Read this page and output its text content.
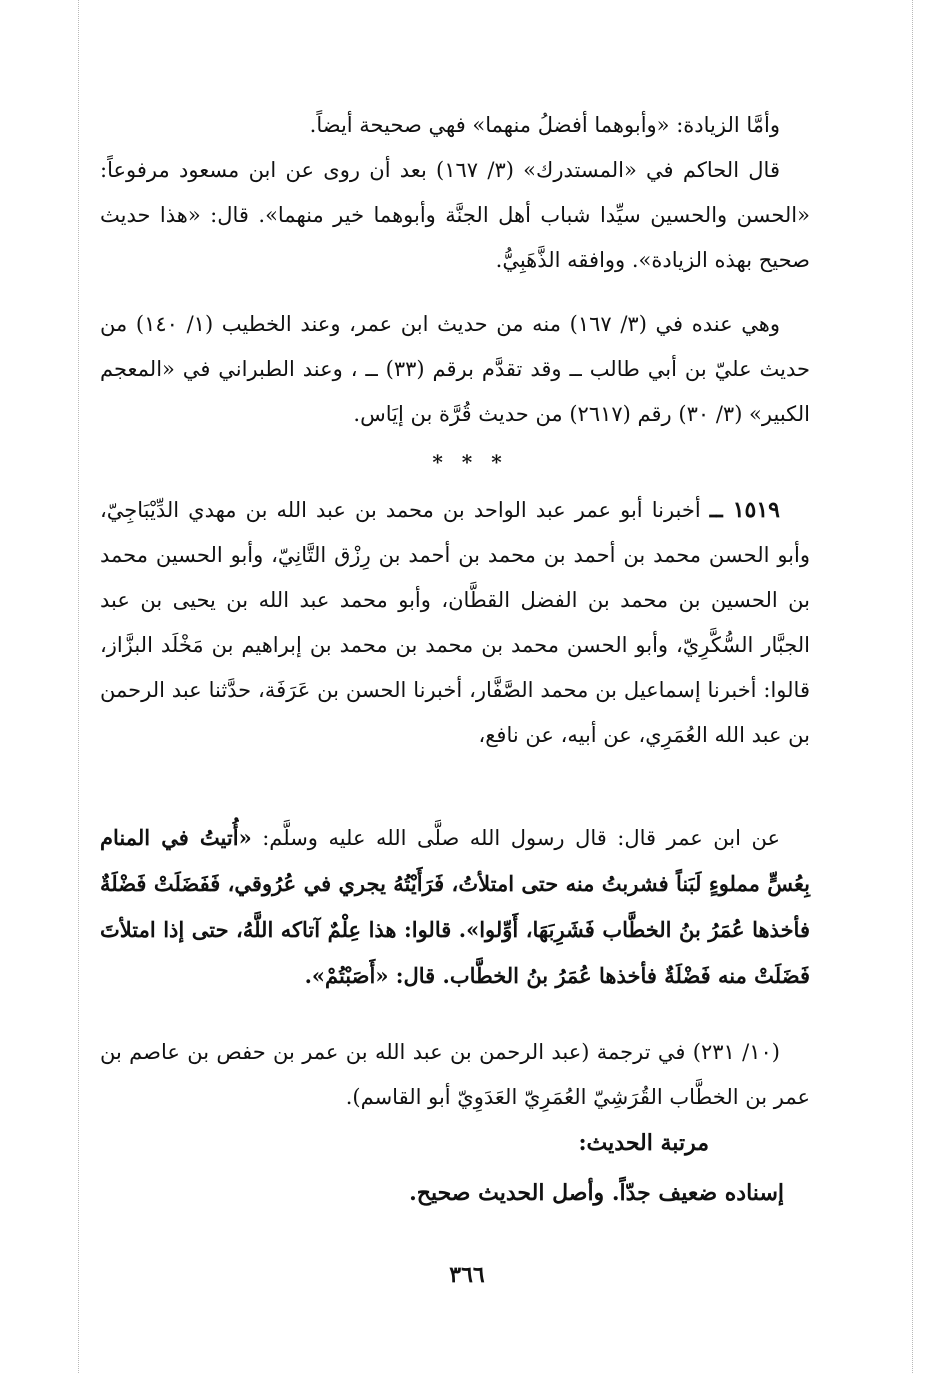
وأمَّا الزيادة: «وأبوهما أفضلُ منهما» فهي صحيحة أيضاً.
قال الحاكم في «المستدرك» (٣/ ١٦٧) بعد أن روى عن ابن مسعود مرفوعاً: «الحسن والحسين سيِّدا شباب أهل الجنَّة وأبوهما خير منهما». قال: «هذا حديث صحيح بهذه الزيادة». ووافقه الذَّهَبِيُّ.
وهي عنده في (٣/ ١٦٧) منه من حديث ابن عمر، وعند الخطيب (١/ ١٤٠) من حديث عليّ بن أبي طالب ــ وقد تقدَّم برقم (٣٣) ــ ، وعند الطبراني في «المعجم الكبير» (٣/ ٣٠) رقم (٢٦١٧) من حديث قُرَّة بن إيَاس.
* * *
١٥١٩ ــ أخبرنا أبو عمر عبد الواحد بن محمد بن عبد الله بن مهدي الدِّيْبَاجِيّ، وأبو الحسن محمد بن أحمد بن محمد بن أحمد بن رِزْق التَّانِيّ، وأبو الحسين محمد بن الحسين بن محمد بن الفضل القطَّان، وأبو محمد عبد الله بن يحيى بن عبد الجبَّار السُّكَّرِيّ، وأبو الحسن محمد بن محمد بن محمد بن إبراهيم بن مَخْلَد البزَّاز، قالوا: أخبرنا إسماعيل بن محمد الصَّفَّار، أخبرنا الحسن بن عَرَفَة، حدَّثنا عبد الرحمن بن عبد الله العُمَرِي، عن أبيه، عن نافع،
عن ابن عمر قال: قال رسول الله صلَّى الله عليه وسلَّم: «أُتيتُ في المنام بِعُسٍّ مملوءٍ لَبَناً فشربتُ منه حتى امتلأتُ، فَرَأَيْتُهُ يجري في عُرُوقي، فَفَضَلَتْ فَضْلَةٌ فأخذها عُمَرُ بنُ الخطَّاب فَشَرِبَهَا، أَوِّلوا». قالوا: هذا عِلْمٌ آتاكه اللَّهُ، حتى إذا امتلأتَ فَضَلَتْ منه فَضْلَةٌ فأخذها عُمَرُ بنُ الخطَّاب. قال: «أَصَبْتُمْ».
(١٠/ ٢٣١) في ترجمة (عبد الرحمن بن عبد الله بن عمر بن حفص بن عاصم بن عمر بن الخطَّاب القُرَشِيّ العُمَرِيّ العَدَوِيّ أبو القاسم).
مرتبة الحديث:
إسناده ضعيف جدّاً. وأصل الحديث صحيح.
٣٦٦
